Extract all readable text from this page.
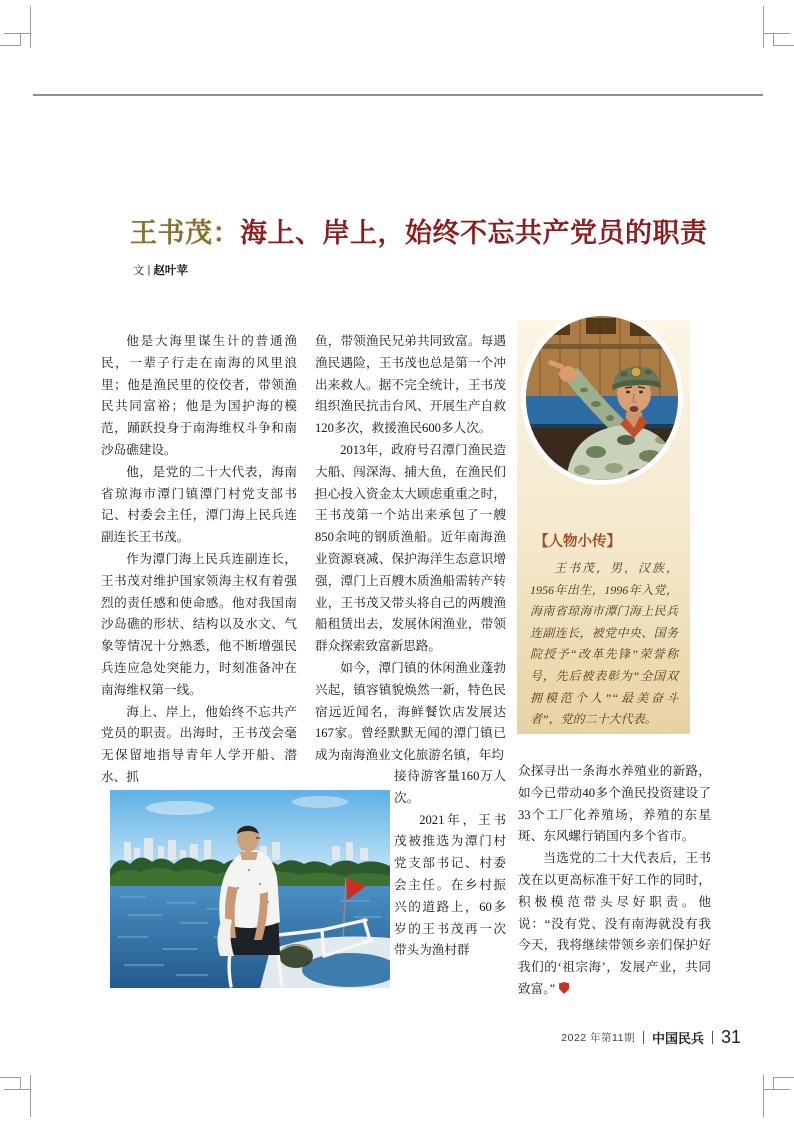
王书茂：海上、岸上，始终不忘共产党员的职责
文 | 赵叶苹

他是大海里谋生计的普通渔民，一辈子行走在南海的风里浪里；他是渔民里的佼佼者，带领渔民共同富裕；他是为国护海的模范，踊跃投身于南海维权斗争和南沙岛礁建设。

他，是党的二十大代表，海南省琼海市潭门镇潭门村党支部书记、村委会主任，潭门海上民兵连副连长王书茂。

作为潭门海上民兵连副连长，王书茂对维护国家领海主权有着强烈的责任感和使命感。他对我国南沙岛礁的形状、结构以及水文、气象等情况十分熟悉，他不断增强民兵连应急处突能力，时刻准备冲在南海维权第一线。

海上、岸上，他始终不忘共产党员的职责。出海时，王书茂会毫无保留地指导青年人学开船、潜水、抓

鱼，带领渔民兄弟共同致富。每遇渔民遇险，王书茂也总是第一个冲出来救人。据不完全统计，王书茂组织渔民抗击台风、开展生产自救120多次，救援渔民600多人次。

2013年，政府号召潭门渔民造大船、闯深海、捕大鱼，在渔民们担心投入资金太大顾虑重重之时，王书茂第一个站出来承包了一艘850余吨的钢质渔船。近年南海渔业资源衰减、保护海洋生态意识增强，潭门上百艘木质渔船需转产转业，王书茂又带头将自己的两艘渔船租赁出去，发展休闲渔业，带领群众探索致富新思路。

如今，潭门镇的休闲渔业蓬勃兴起，镇容镇貌焕然一新，特色民宿远近闻名，海鲜餐饮店发展达167家。曾经默默无闻的潭门镇已成为南海渔业文化旅游名镇，年均

接待游客量160万人次。

2021年，王书茂被推选为潭门村党支部书记、村委会主任。在乡村振兴的道路上，60多岁的王书茂再一次带头为渔村群

众探寻出一条海水养殖业的新路，如今已带动40多个渔民投资建设了33个工厂化养殖场，养殖的东星斑、东风螺行销国内多个省市。

当选党的二十大代表后，王书茂在以更高标准干好工作的同时，积极模范带头尽好职责。他说：“没有党、没有南海就没有我今天，我将继续带领乡亲们保护好我们的‘祖宗海’，发展产业，共同致富。”

【人物小传】
王书茂，男，汉族，1956年出生，1996年入党，海南省琼海市潭门海上民兵连副连长，被党中央、国务院授予“改革先锋”荣誉称号，先后被表彰为“全国双拥模范个人”“最美奋斗者”，党的二十大代表。
2022 年第11期 中国民兵 31
